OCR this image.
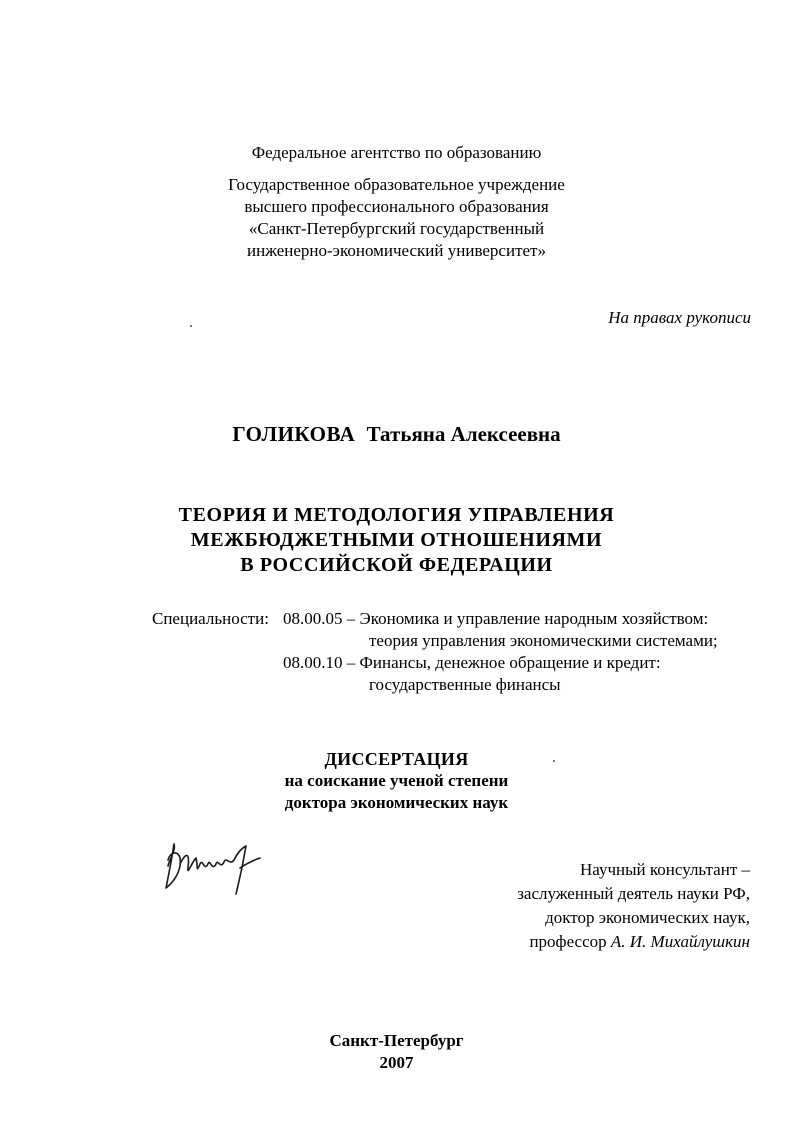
Федеральное агентство по образованию
Государственное образовательное учреждение
высшего профессионального образования
«Санкт-Петербургский государственный
инженерно-экономический университет»
На правах рукописи
ГОЛИКОВА Татьяна Алексеевна
ТЕОРИЯ И МЕТОДОЛОГИЯ УПРАВЛЕНИЯ
МЕЖБЮДЖЕТНЫМИ ОТНОШЕНИЯМИ
В РОССИЙСКОЙ ФЕДЕРАЦИИ
Специальности: 08.00.05 – Экономика и управление народным хозяйством:
теория управления экономическими системами;
08.00.10 – Финансы, денежное обращение и кредит:
государственные финансы
ДИССЕРТАЦИЯ
на соискание ученой степени
доктора экономических наук
Научный консультант –
заслуженный деятель науки РФ,
доктор экономических наук,
профессор А. И. Михайлушкин
Санкт-Петербург
2007
